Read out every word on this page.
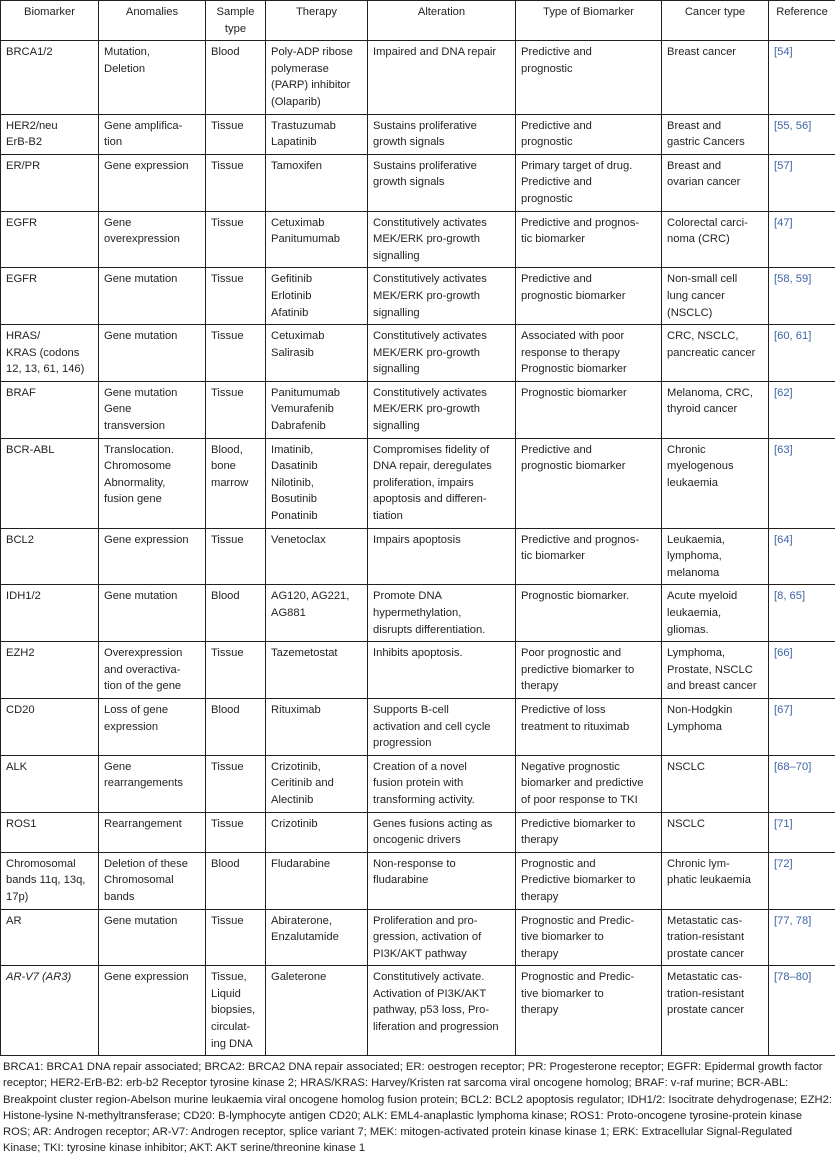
Biomarker	Anomalies	Sample
type	Therapy	Alteration	Type of Biomarker	Cancer type	Reference
BRCA1/2	Mutation,
Deletion	Blood	Poly-ADP ribose
polymerase
(PARP) inhibitor
(Olaparib)	Impaired and DNA repair	Predictive and
prognostic	Breast cancer	[54]
HER2/neu
ErB-B2	Gene amplifica-
tion	Tissue	Trastuzumab
Lapatinib	Sustains proliferative
growth signals	Predictive and
prognostic	Breast and
gastric Cancers	[55, 56]
ER/PR	Gene expression	Tissue	Tamoxifen	Sustains proliferative
growth signals	Primary target of drug.
Predictive and
prognostic	Breast and
ovarian cancer	[57]
EGFR	Gene
overexpression	Tissue	Cetuximab
Panitumumab	Constitutively activates
MEK/ERK pro-growth
signalling	Predictive and prognos-
tic biomarker	Colorectal carci-
noma (CRC)	[47]
EGFR	Gene mutation	Tissue	Gefitinib
Erlotinib
Afatinib	Constitutively activates
MEK/ERK pro-growth
signalling	Predictive and
prognostic biomarker	Non-small cell
lung cancer
(NSCLC)	[58, 59]
HRAS/
KRAS (codons
12, 13, 61, 146)	Gene mutation	Tissue	Cetuximab
Salirasib	Constitutively activates
MEK/ERK pro-growth
signalling	Associated with poor
response to therapy
Prognostic biomarker	CRC, NSCLC,
pancreatic cancer	[60, 61]
BRAF	Gene mutation
Gene
transversion	Tissue	Panitumumab
Vemurafenib
Dabrafenib	Constitutively activates
MEK/ERK pro-growth
signalling	Prognostic biomarker	Melanoma, CRC,
thyroid cancer	[62]
BCR-ABL	Translocation.
Chromosome
Abnormality,
fusion gene	Blood,
bone
marrow	Imatinib,
Dasatinib
Nilotinib,
Bosutinib
Ponatinib	Compromises fidelity of
DNA repair, deregulates
proliferation, impairs
apoptosis and differen-
tiation	Predictive and
prognostic biomarker	Chronic
myelogenous
leukaemia	[63]
BCL2	Gene expression	Tissue	Venetoclax	Impairs apoptosis	Predictive and prognos-
tic biomarker	Leukaemia,
lymphoma,
melanoma	[64]
IDH1/2	Gene mutation	Blood	AG120, AG221,
AG881	Promote DNA
hypermethylation,
disrupts differentiation.	Prognostic biomarker.	Acute myeloid
leukaemia,
gliomas.	[8, 65]
EZH2	Overexpression
and overactiva-
tion of the gene	Tissue	Tazemetostat	Inhibits apoptosis.	Poor prognostic and
predictive biomarker to
therapy	Lymphoma,
Prostate, NSCLC
and breast cancer	[66]
CD20	Loss of gene
expression	Blood	Rituximab	Supports B-cell
activation and cell cycle
progression	Predictive of loss
treatment to rituximab	Non-Hodgkin
Lymphoma	[67]
ALK	Gene
rearrangements	Tissue	Crizotinib,
Ceritinib and
Alectinib	Creation of a novel
fusion protein with
transforming activity.	Negative prognostic
biomarker and predictive
of poor response to TKI	NSCLC	[68–70]
ROS1	Rearrangement	Tissue	Crizotinib	Genes fusions acting as
oncogenic drivers	Predictive biomarker to
therapy	NSCLC	[71]
Chromosomal
bands 11q, 13q,
17p)	Deletion of these
Chromosomal
bands	Blood	Fludarabine	Non-response to
fludarabine	Prognostic and
Predictive biomarker to
therapy	Chronic lym-
phatic leukaemia	[72]
AR	Gene mutation	Tissue	Abiraterone,
Enzalutamide	Proliferation and pro-
gression, activation of
PI3K/AKT pathway	Prognostic and Predic-
tive biomarker to
therapy	Metastatic cas-
tration-resistant
prostate cancer	[77, 78]
AR-V7 (AR3)	Gene expression	Tissue,
Liquid
biopsies,
circulat-
ing DNA	Galeterone	Constitutively activate.
Activation of PI3K/AKT
pathway, p53 loss, Pro-
liferation and progression	Prognostic and Predic-
tive biomarker to
therapy	Metastatic cas-
tration-resistant
prostate cancer	[78–80]

BRCA1: BRCA1 DNA repair associated; BRCA2: BRCA2 DNA repair associated; ER: oestrogen receptor; PR: Progesterone receptor; EGFR: Epidermal growth factor receptor; HER2-ErB-B2: erb-b2 Receptor tyrosine kinase 2; HRAS/KRAS: Harvey/Kristen rat sarcoma viral oncogene homolog; BRAF: v-raf murine; BCR-ABL: Breakpoint cluster region-Abelson murine leukaemia viral oncogene homolog fusion protein; BCL2: BCL2 apoptosis regulator; IDH1/2: Isocitrate dehydrogenase; EZH2: Histone-lysine N-methyltransferase; CD20: B-lymphocyte antigen CD20; ALK: EML4-anaplastic lymphoma kinase; ROS1: Proto-oncogene tyrosine-protein kinase ROS; AR: Androgen receptor; AR-V7: Androgen receptor, splice variant 7; MEK: mitogen-activated protein kinase kinase 1; ERK: Extracellular Signal-Regulated Kinase; TKI: tyrosine kinase inhibitor; AKT: AKT serine/threonine kinase 1
